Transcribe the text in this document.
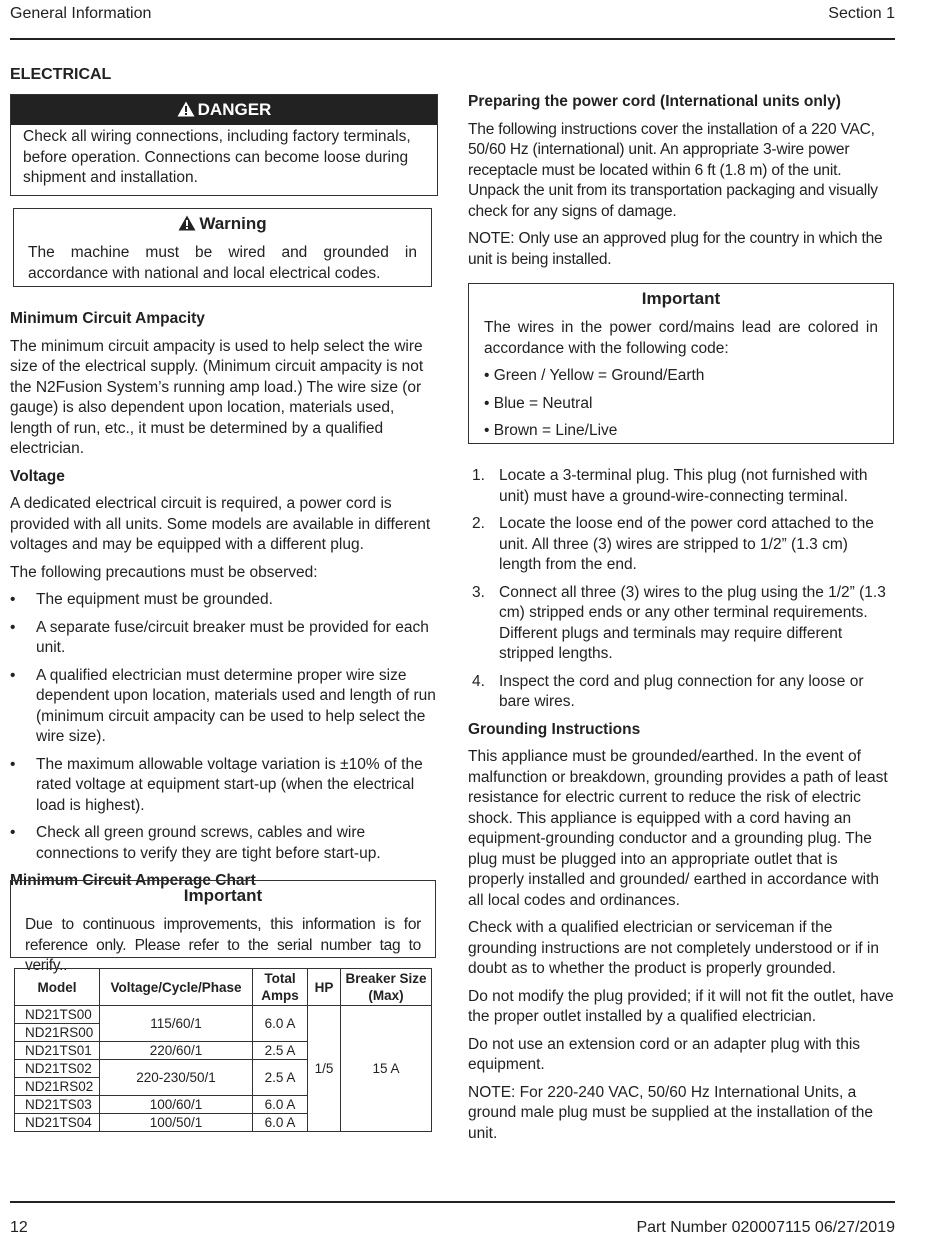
General Information	Section 1
ELECTRICAL
DANGER
Check all wiring connections, including factory terminals, before operation. Connections can become loose during shipment and installation.
Warning
The machine must be wired and grounded in accordance with national and local electrical codes.
Minimum Circuit Ampacity

The minimum circuit ampacity is used to help select the wire size of the electrical supply. (Minimum circuit ampacity is not the N2Fusion System’s running amp load.) The wire size (or gauge) is also dependent upon location, materials used, length of run, etc., it must be determined by a qualified electrician.

Voltage

A dedicated electrical circuit is required, a power cord is provided with all units. Some models are available in different voltages and may be equipped with a different plug.

The following precautions must be observed:

• The equipment must be grounded.
• A separate fuse/circuit breaker must be provided for each unit.
• A qualified electrician must determine proper wire size dependent upon location, materials used and length of run (minimum circuit ampacity can be used to help select the wire size).
• The maximum allowable voltage variation is ±10% of the rated voltage at equipment start-up (when the electrical load is highest).
• Check all green ground screws, cables and wire connections to verify they are tight before start-up.
Minimum Circuit Amperage Chart
Important
Due to continuous improvements, this information is for reference only. Please refer to the serial number tag to verify..
Model	Voltage/Cycle/Phase	Total Amps	HP	Breaker Size (Max)
ND21TS00	115/60/1	6.0 A	1/5	15 A
ND21RS00				
ND21TS01	220/60/1	2.5 A		
ND21TS02	220-230/50/1	2.5 A		
ND21RS02				
ND21TS03	100/60/1	6.0 A		
ND21TS04	100/50/1	6.0 A		
Preparing the power cord (International units only)

The following instructions cover the installation of a 220 VAC, 50/60 Hz (international) unit. An appropriate 3-wire power receptacle must be located within 6 ft (1.8 m) of the unit. Unpack the unit from its transportation packaging and visually check for any signs of damage.

NOTE: Only use an approved plug for the country in which the unit is being installed.

Important
The wires in the power cord/mains lead are colored in accordance with the following code:
• Green / Yellow = Ground/Earth
• Blue = Neutral
• Brown = Line/Live
1. Locate a 3-terminal plug. This plug (not furnished with unit) must have a ground-wire-connecting terminal.
2. Locate the loose end of the power cord attached to the unit. All three (3) wires are stripped to 1/2” (1.3 cm) length from the end.
3. Connect all three (3) wires to the plug using the 1/2” (1.3 cm) stripped ends or any other terminal requirements. Different plugs and terminals may require different stripped lengths.
4. Inspect the cord and plug connection for any loose or bare wires.
Grounding Instructions

This appliance must be grounded/earthed. In the event of malfunction or breakdown, grounding provides a path of least resistance for electric current to reduce the risk of electric shock. This appliance is equipped with a cord having an equipment-grounding conductor and a grounding plug. The plug must be plugged into an appropriate outlet that is properly installed and grounded/ earthed in accordance with all local codes and ordinances.

Check with a qualified electrician or serviceman if the grounding instructions are not completely understood or if in doubt as to whether the product is properly grounded.

Do not modify the plug provided; if it will not fit the outlet, have the proper outlet installed by a qualified electrician.

Do not use an extension cord or an adapter plug with this equipment.

NOTE: For 220-240 VAC, 50/60 Hz International Units, a ground male plug must be supplied at the installation of the unit.

12	Part Number 020007115 06/27/2019
